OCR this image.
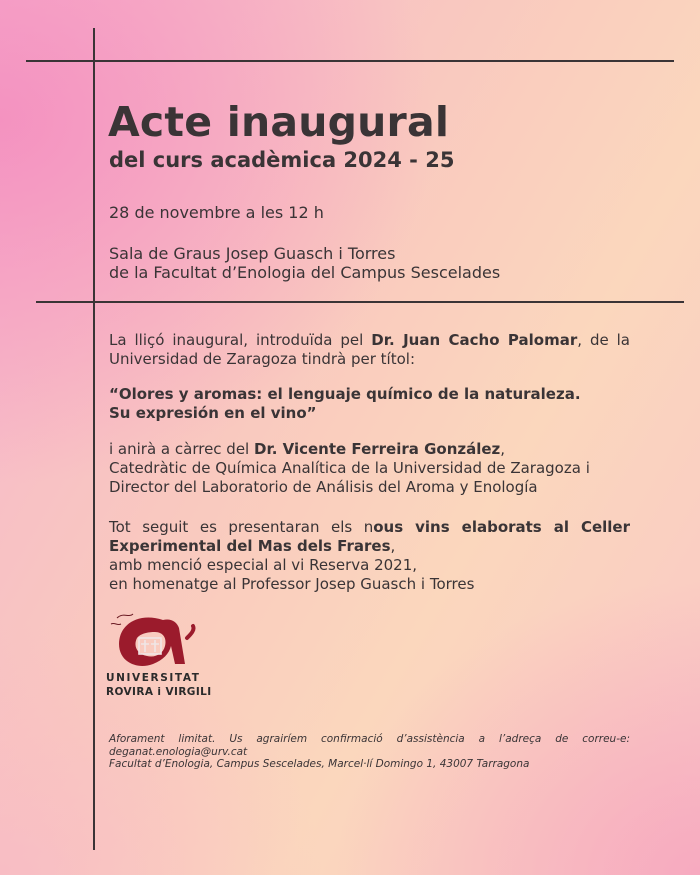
Acte inaugural
del curs acadèmica 2024 - 25
28 de novembre a les 12 h
Sala de Graus Josep Guasch i Torres
de la Facultat d’Enologia del Campus Sescelades
La lliçó inaugural, introduïda pel Dr. Juan Cacho Palomar, de la Universidad de Zaragoza tindrà per títol:
“Olores y aromas: el lenguaje químico de la naturaleza.
Su expresión en el vino”
i anirà a càrrec del Dr. Vicente Ferreira González,
Catedràtic de Química Analítica de la Universidad de Zaragoza i
Director del Laboratorio de Análisis del Aroma y Enología
Tot seguit es presentaran els nous vins elaborats al Celler
Experimental del Mas dels Frares,
amb menció especial al vi Reserva 2021,
en homenatge al Professor Josep Guasch i Torres
UNIVERSITAT
ROVIRA i VIRGILI
Aforament limitat. Us agrairíem confirmació d’assistència a l’adreça de correu-e:
deganat.enologia@urv.cat
Facultat d’Enologia, Campus Sescelades, Marcel·lí Domingo 1, 43007 Tarragona
